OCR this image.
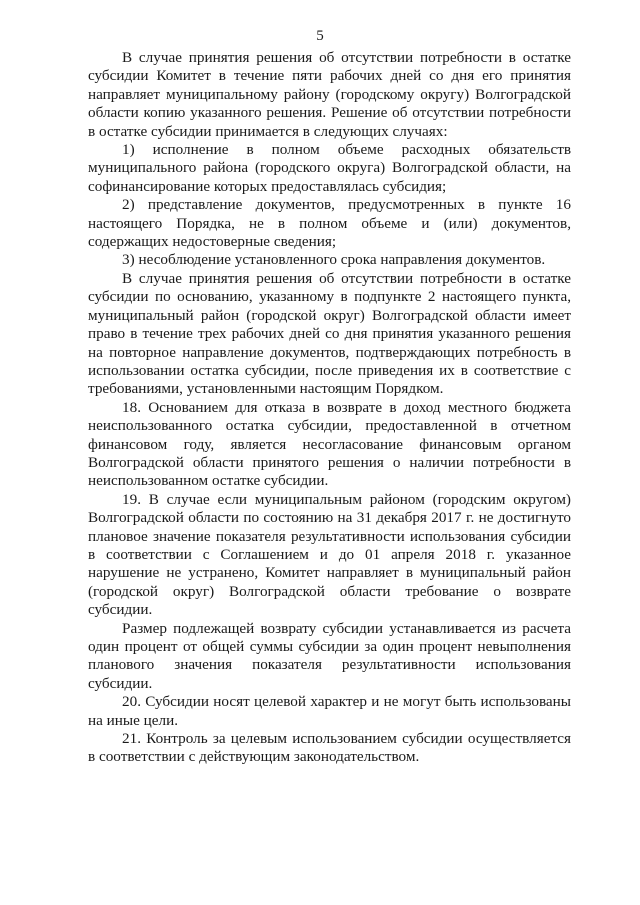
5

В случае принятия решения об отсутствии потребности в остатке субсидии Комитет в течение пяти рабочих дней со дня его принятия направляет муниципальному району (городскому округу) Волгоградской области копию указанного решения. Решение об отсутствии потребности в остатке субсидии принимается в следующих случаях:

1) исполнение в полном объеме расходных обязательств муниципального района (городского округа) Волгоградской области, на софинансирование которых предоставлялась субсидия;

2) представление документов, предусмотренных в пункте 16 настоящего Порядка, не в полном объеме и (или) документов, содержащих недостоверные сведения;

3) несоблюдение установленного срока направления документов.

В случае принятия решения об отсутствии потребности в остатке субсидии по основанию, указанному в подпункте 2 настоящего пункта, муниципальный район (городской округ) Волгоградской области имеет право в течение трех рабочих дней со дня принятия указанного решения на повторное направление документов, подтверждающих потребность в использовании остатка субсидии, после приведения их в соответствие с требованиями, установленными настоящим Порядком.

18. Основанием для отказа в возврате в доход местного бюджета неиспользованного остатка субсидии, предоставленной в отчетном финансовом году, является несогласование финансовым органом Волгоградской области принятого решения о наличии потребности в неиспользованном остатке субсидии.

19. В случае если муниципальным районом (городским округом) Волгоградской области по состоянию на 31 декабря 2017 г. не достигнуто плановое значение показателя результативности использования субсидии в соответствии с Соглашением и до 01 апреля 2018 г. указанное нарушение не устранено, Комитет направляет в муниципальный район (городской округ) Волгоградской области требование о возврате субсидии.

Размер подлежащей возврату субсидии устанавливается из расчета один процент от общей суммы субсидии за один процент невыполнения планового значения показателя результативности использования субсидии.

20. Субсидии носят целевой характер и не могут быть использованы на иные цели.

21. Контроль за целевым использованием субсидии осуществляется в соответствии с действующим законодательством.
